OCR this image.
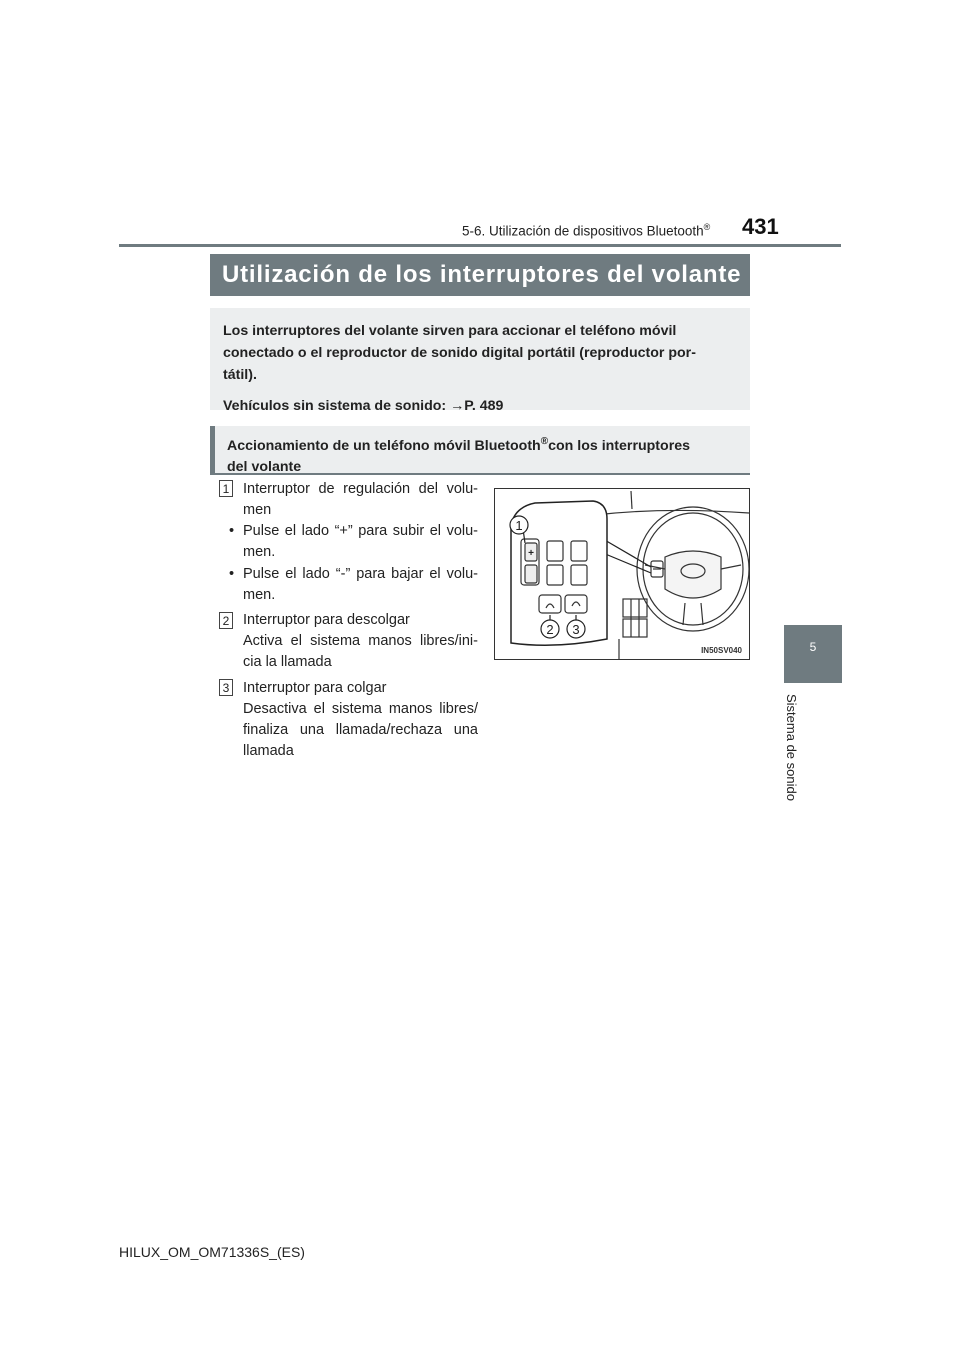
5-6. Utilización de dispositivos Bluetooth® 431
5
Sistema de sonido
Utilización de los interruptores del volante

Los interruptores del volante sirven para accionar el teléfono móvil

conectado o el reproductor de sonido digital portátil (reproductor por-

tátil).

Vehículos sin sistema de sonido: →P. 489

Accionamiento de un teléfono móvil Bluetooth®con los interruptores
del volante
1 Interruptor de regulación del volu-
men
• Pulse el lado “+” para subir el volu-
men.
• Pulse el lado “-” para bajar el volu-
men.
2 Interruptor para descolgar
Activa el sistema manos libres/ini-
cia la llamada
3 Interruptor para colgar
Desactiva el sistema manos libres/
finaliza una llamada/rechaza una
llamada
+
1
2 3
IN50SV040
HILUX_OM_OM71336S_(ES)
